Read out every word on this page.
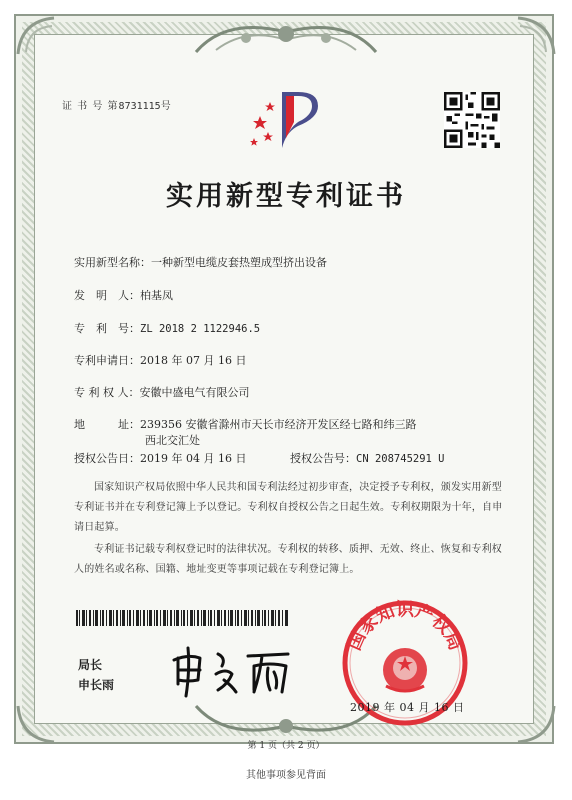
证 书 号 第8731115号
实用新型专利证书
实用新型名称：一种新型电缆皮套热塑成型挤出设备
发　明　人：柏基凤
专　利　号：ZL 2018 2 1122946.5
专利申请日：2018 年 07 月 16 日
专 利 权 人：安徽中盛电气有限公司
地　　　址：239356 安徽省滁州市天长市经济开发区经七路和纬三路
西北交汇处
授权公告日：2019 年 04 月 16 日	授权公告号：CN 208745291 U
国家知识产权局依照中华人民共和国专利法经过初步审查，决定授予专利权，颁发实用新型专利证书并在专利登记簿上予以登记。专利权自授权公告之日起生效。专利权期限为十年，自申请日起算。
专利证书记载专利权登记时的法律状况。专利权的转移、质押、无效、终止、恢复和专利权人的姓名或名称、国籍、地址变更等事项记载在专利登记簿上。
局长
申长雨
国家知识产权局
2019 年 04 月 16 日
第 1 页（共 2 页）
其他事项参见背面
